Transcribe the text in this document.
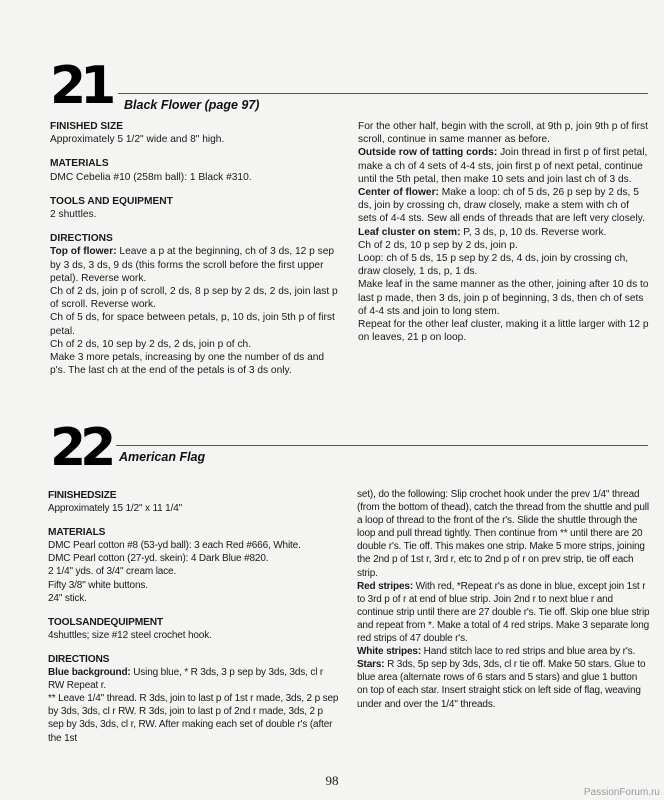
21 Black Flower (page 97)

FINISHED SIZE

Approximately 5 1/2" wide and 8" high.

MATERIALS

DMC Cebelia #10 (258m ball): 1 Black #310.

TOOLS AND EQUIPMENT

2 shuttles.

DIRECTIONS

Top of flower: Leave a p at the beginning, ch of 3 ds, 12 p sep by 3 ds, 3 ds, 9 ds (this forms the scroll before the first upper petal). Reverse work.

Ch of 2 ds, join p of scroll, 2 ds, 8 p sep by 2 ds, 2 ds, join last p of scroll. Reverse work.

Ch of 5 ds, for space between petals, p, 10 ds, join 5th p of first petal.

Ch of 2 ds, 10 sep by 2 ds, 2 ds, join p of ch.

Make 3 more petals, increasing by one the number of ds and p's. The last ch at the end of the petals is of 3 ds only.

For the other half, begin with the scroll, at 9th p, join 9th p of first scroll, continue in same manner as before.

Outside row of tatting cords: Join thread in first p of first petal, make a ch of 4 sets of 4-4 sts, join first p of next petal, continue until the 5th petal, then make 10 sets and join last ch of 3 ds.

Center of flower: Make a loop: ch of 5 ds, 26 p sep by 2 ds, 5 ds, join by crossing ch, draw closely, make a stem with ch of sets of 4-4 sts. Sew all ends of threads that are left very closely.

Leaf cluster on stem: P, 3 ds, p, 10 ds. Reverse work.

Ch of 2 ds, 10 p sep by 2 ds, join p.

Loop: ch of 5 ds, 15 p sep by 2 ds, 4 ds, join by crossing ch, draw closely, 1 ds, p, 1 ds.

Make leaf in the same manner as the other, joining after 10 ds to last p made, then 3 ds, join p of beginning, 3 ds, then ch of sets of 4-4 sts and join to long stem.

Repeat for the other leaf cluster, making it a little larger with 12 p on leaves, 21 p on loop.

22 American Flag

FINISHEDSIZE

Approximately 15 1/2" x 11 1/4"

MATERIALS

DMC Pearl cotton #8 (53-yd ball): 3 each Red #666, White.

DMC Pearl cotton (27-yd. skein): 4 Dark Blue #820.

2 1/4" yds. of 3/4" cream lace.

Fifty 3/8" white buttons.

24" stick.

TOOLSANDEQUIPMENT

4shuttles; size #12 steel crochet hook.

DIRECTIONS

Blue background: Using blue, * R 3ds, 3 p sep by 3ds, 3ds, cl r RW Repeat r.

** Leave 1/4" thread. R 3ds, join to last p of 1st r made, 3ds, 2 p sep by 3ds, 3ds, cl r RW. R 3ds, join to last p of 2nd r made, 3ds, 2 p sep by 3ds, 3ds, cl r, RW. After making each set of double r's (after the 1st

set), do the following: Slip crochet hook under the prev 1/4" thread (from the bottom of thead), catch the thread from the shuttle and pull a loop of thread to the front of the r's. Slide the shuttle through the loop and pull thread tightly. Then continue from ** until there are 20 double r's. Tie off. This makes one strip. Make 5 more strips, joining the 2nd p of 1st r, 3rd r, etc to 2nd p of r on prev strip, tie off each strip.

Red stripes: With red, *Repeat r's as done in blue, except join 1st r to 3rd p of r at end of blue strip. Join 2nd r to next blue r and continue strip until there are 27 double r's. Tie off. Skip one blue strip and repeat from *. Make a total of 4 red strips. Make 3 separate long red strips of 47 double r's.

White stripes: Hand stitch lace to red strips and blue area by r's.

Stars: R 3ds, 5p sep by 3ds, 3ds, cl r tie off. Make 50 stars. Glue to blue area (alternate rows of 6 stars and 5 stars) and glue 1 button on top of each star. Insert straight stick on left side of flag, weaving under and over the 1/4" threads.

98
PassionForum.ru
